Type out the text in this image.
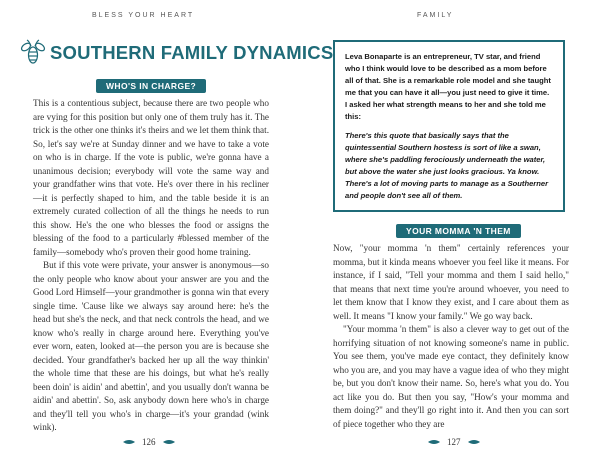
BLESS YOUR HEART
SOUTHERN FAMILY DYNAMICS
WHO'S IN CHARGE?

This is a contentious subject, because there are two people who are vying for this position but only one of them truly has it. The trick is the other one thinks it's theirs and we let them think that. So, let's say we're at Sunday dinner and we have to take a vote on who is in charge. If the vote is public, we're gonna have a unanimous decision; everybody will vote the same way and your grandfather wins that vote. He's over there in his recliner—it is perfectly shaped to him, and the table beside it is an extremely curated collection of all the things he needs to run this show. He's the one who blesses the food or assigns the blessing of the food to a particularly #blessed member of the family—somebody who's proven their good home training.

But if this vote were private, your answer is anonymous—so the only people who know about your answer are you and the Good Lord Himself—your grandmother is gonna win that every single time. 'Cause like we always say around here: he's the head but she's the neck, and that neck controls the head, and we know who's really in charge around here. Everything you've ever worn, eaten, looked at—the person you are is because she decided. Your grandfather's backed her up all the way thinkin' the whole time that these are his doings, but what he's really been doin' is aidin' and abettin', and you usually don't wanna be aidin' and abettin'. So, ask anybody down here who's in charge and they'll tell you who's in charge—it's your grandad (wink wink).

126
FAMILY

Leva Bonaparte is an entrepreneur, TV star, and friend who I think would love to be described as a mom before all of that. She is a remarkable role model and she taught me that you can have it all—you just need to give it time. I asked her what strength means to her and she told me this:

There's this quote that basically says that the quintessential Southern hostess is sort of like a swan, where she's paddling ferociously underneath the water, but above the water she just looks gracious. Ya know. There's a lot of moving parts to manage as a Southerner and people don't see all of them.

YOUR MOMMA 'N THEM

Now, "your momma 'n them" certainly references your momma, but it kinda means whoever you feel like it means. For instance, if I said, "Tell your momma and them I said hello," that means that next time you're around whoever, you need to let them know that I know they exist, and I care about them as well. It means "I know your family." We go way back.

"Your momma 'n them" is also a clever way to get out of the horrifying situation of not knowing someone's name in public. You see them, you've made eye contact, they definitely know who you are, and you may have a vague idea of who they might be, but you don't know their name. So, here's what you do. You act like you do. But then you say, "How's your momma and them doing?" and they'll go right into it. And then you can sort of piece together who they are

127
